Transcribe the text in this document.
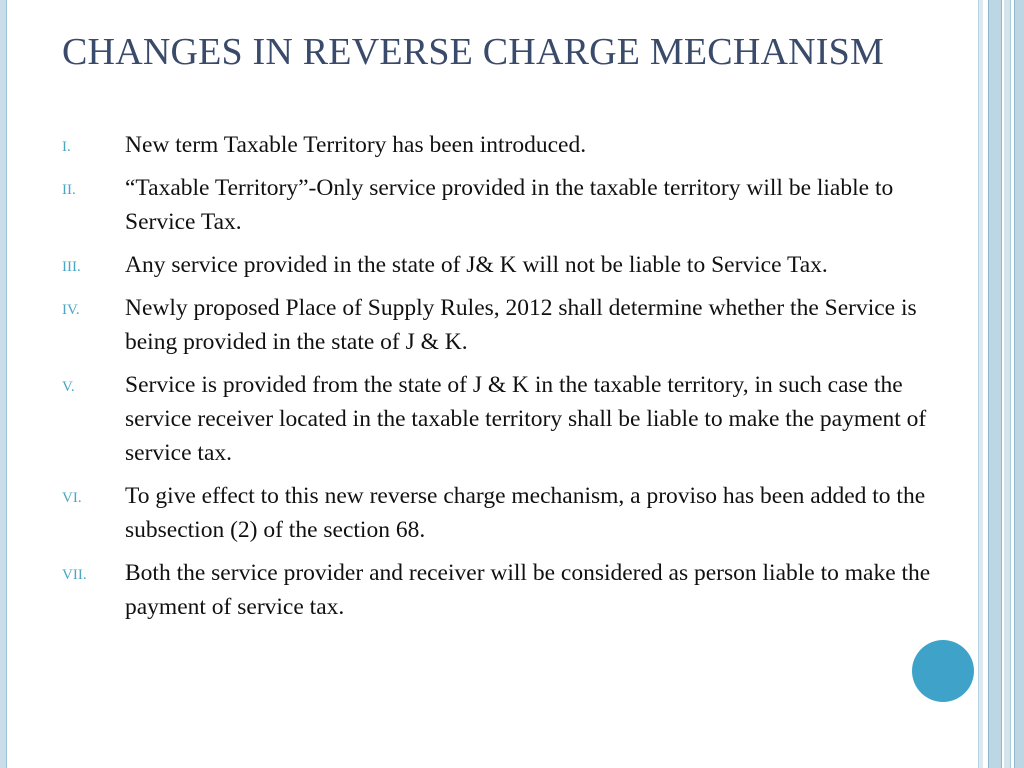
CHANGES IN REVERSE CHARGE MECHANISM
I. New term Taxable Territory has been introduced.
II. “Taxable Territory”-Only service provided in the taxable territory will be liable to Service Tax.
III. Any service provided in the state of J& K will not be liable to Service Tax.
IV. Newly proposed Place of Supply Rules, 2012 shall determine whether the Service is being provided in the state of J & K.
V. Service is provided from the state of J & K in the taxable territory, in such case the service receiver located in the taxable territory shall be liable to make the payment of service tax.
VI. To give effect to this new reverse charge mechanism, a proviso has been added to the subsection (2) of the section 68.
VII. Both the service provider and receiver will be considered as person liable to make the payment of service tax.
